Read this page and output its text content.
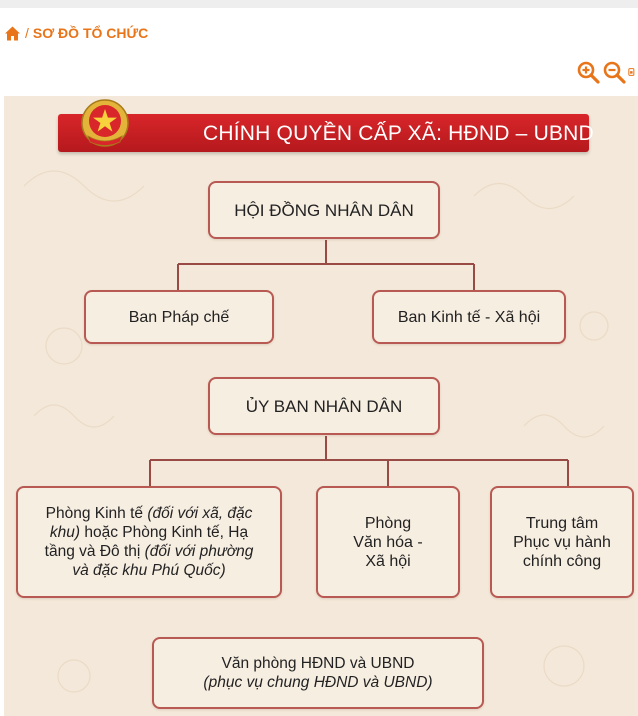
/ SƠ ĐỒ TỔ CHỨC
CHÍNH QUYỀN CẤP XÃ: HĐND – UBND
HỘI ĐỒNG NHÂN DÂN
Ban Pháp chế	Ban Kinh tế - Xã hội
ỦY BAN NHÂN DÂN
Phòng Kinh tế (đối với xã, đặc
khu) hoặc Phòng Kinh tế, Hạ
tầng và Đô thị (đối với phường
và đặc khu Phú Quốc)
Phòng
Văn hóa -
Xã hội
Trung tâm
Phục vụ hành
chính công
Văn phòng HĐND và UBND
(phục vụ chung HĐND và UBND)
